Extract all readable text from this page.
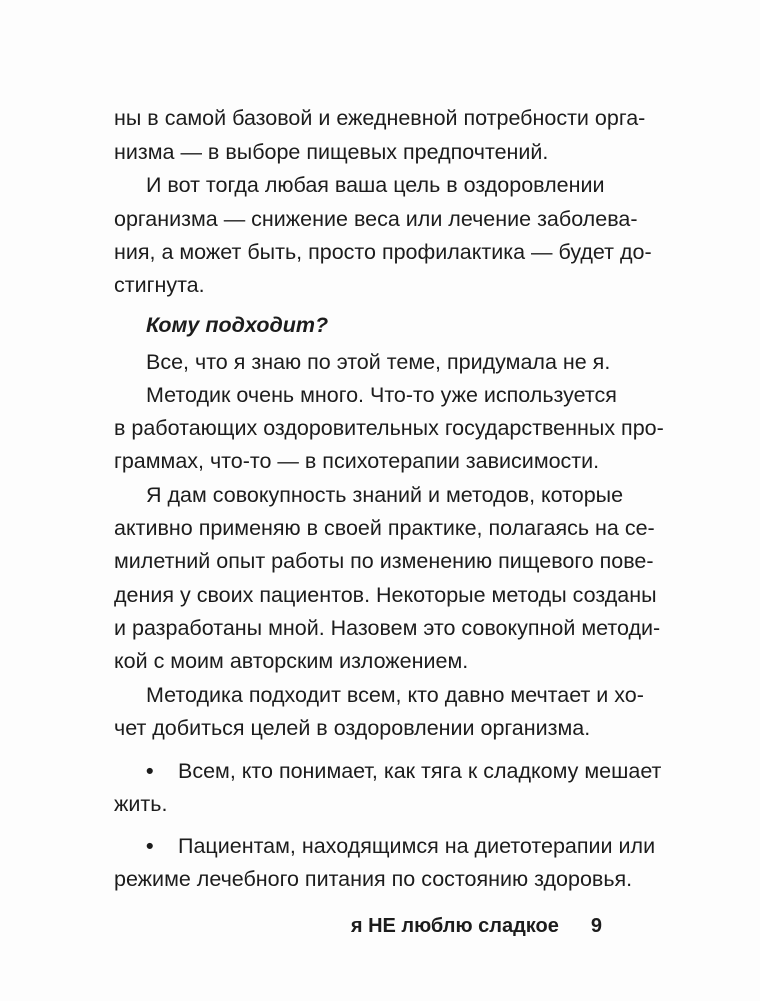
ны в самой базовой и ежедневной потребности орга-
низма — в выборе пищевых предпочтений.
И вот тогда любая ваша цель в оздоровлении
организма — снижение веса или лечение заболева-
ния, а может быть, просто профилактика — будет до-
стигнута.
Кому подходит?
Все, что я знаю по этой теме, придумала не я.
Методик очень много. Что-то уже используется
в работающих оздоровительных государственных про-
граммах, что-то — в психотерапии зависимости.
Я дам совокупность знаний и методов, которые
активно применяю в своей практике, полагаясь на се-
милетний опыт работы по изменению пищевого пове-
дения у своих пациентов. Некоторые методы созданы
и разработаны мной. Назовем это совокупной методи-
кой с моим авторским изложением.
Методика подходит всем, кто давно мечтает и хо-
чет добиться целей в оздоровлении организма.
•	Всем, кто понимает, как тяга к сладкому мешает
жить.
•	Пациентам, находящимся на диетотерапии или
режиме лечебного питания по состоянию здоровья.
я НЕ люблю сладкое 9
